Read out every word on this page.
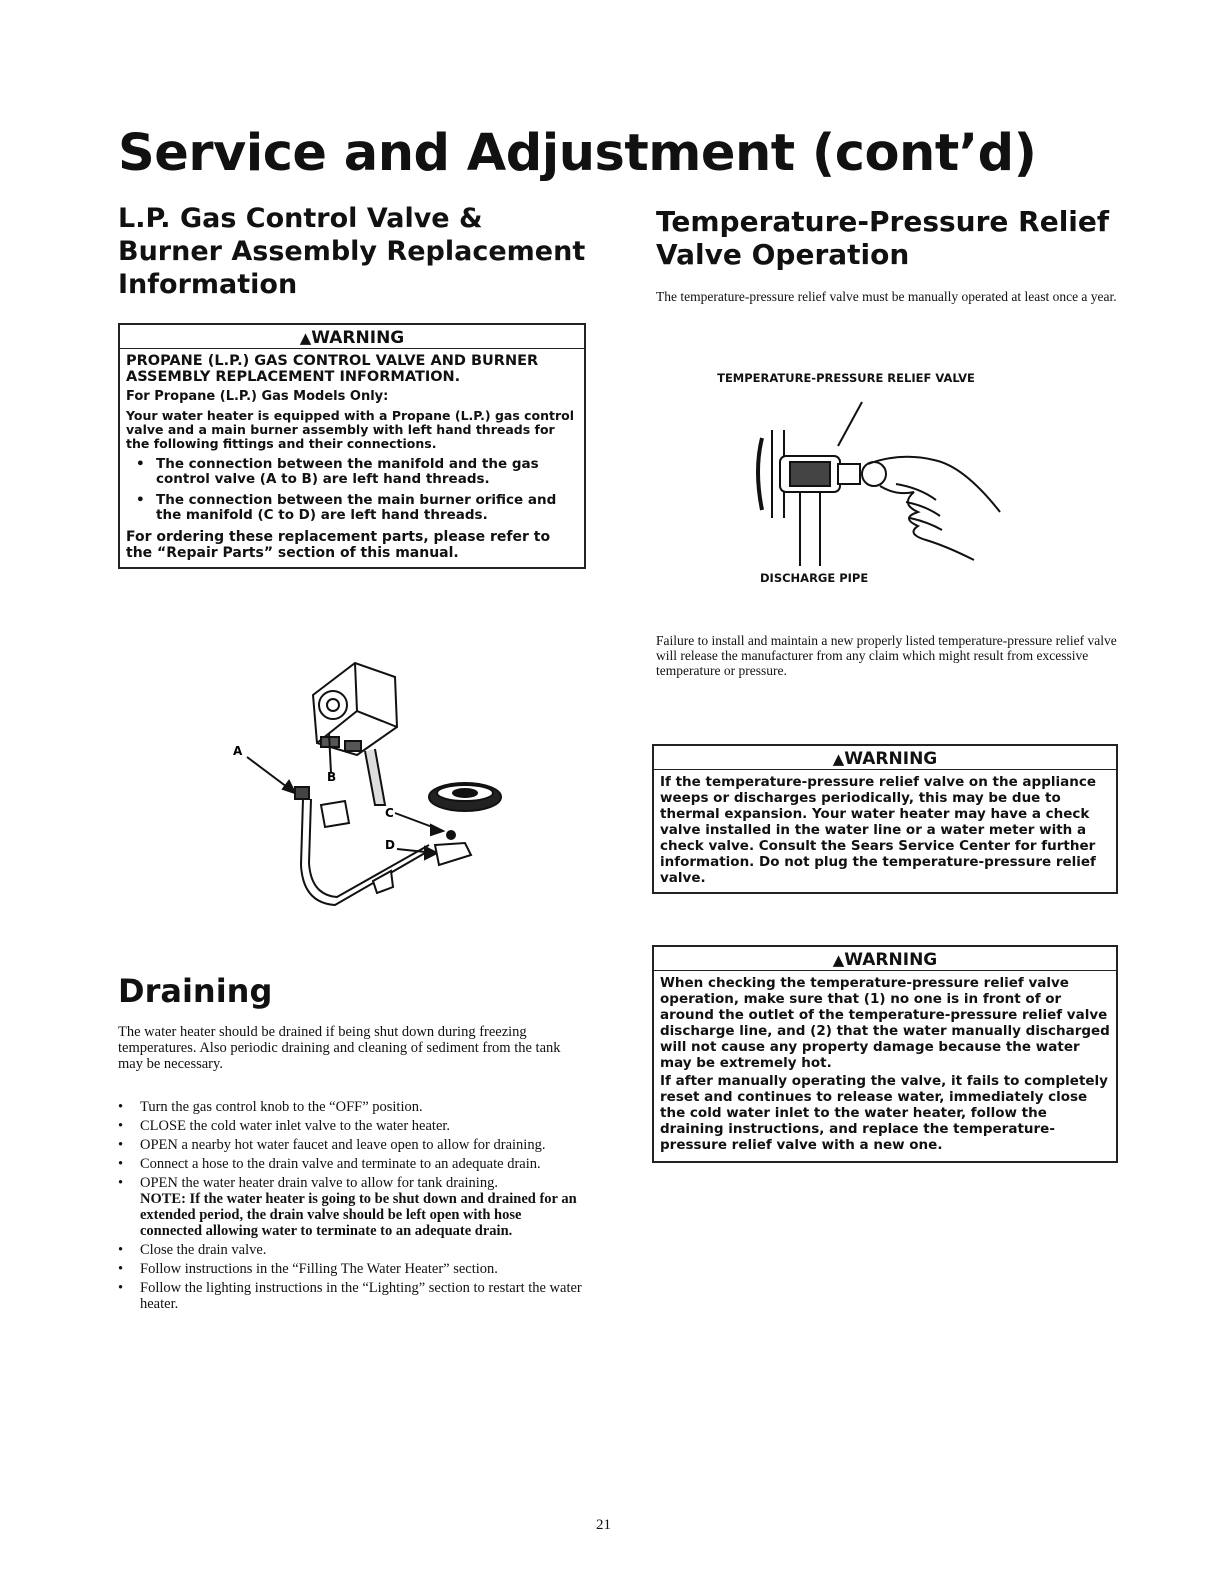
Service and Adjustment (cont’d)
L.P. Gas Control Valve & Burner Assembly Replacement Information
▲WARNING
PROPANE (L.P.) GAS CONTROL VALVE AND BURNER ASSEMBLY REPLACEMENT INFORMATION.
For Propane (L.P.) Gas Models Only:
Your water heater is equipped with a Propane (L.P.) gas control valve and a main burner assembly with left hand threads for the following fittings and their connections.
• The connection between the manifold and the gas control valve (A to B) are left hand threads.
• The connection between the main burner orifice and the manifold (C to D) are left hand threads.
For ordering these replacement parts, please refer to the “Repair Parts” section of this manual.
A
B
C
D
Draining
The water heater should be drained if being shut down during freezing temperatures. Also periodic draining and cleaning of sediment from the tank may be necessary.
• Turn the gas control knob to the “OFF” position.
• CLOSE the cold water inlet valve to the water heater.
• OPEN a nearby hot water faucet and leave open to allow for draining.
• Connect a hose to the drain valve and terminate to an adequate drain.
• OPEN the water heater drain valve to allow for tank draining.
NOTE: If the water heater is going to be shut down and drained for an extended period, the drain valve should be left open with hose connected allowing water to terminate to an adequate drain.
• Close the drain valve.
• Follow instructions in the “Filling The Water Heater” section.
• Follow the lighting instructions in the “Lighting” section to restart the water heater.
Temperature-Pressure Relief Valve Operation
The temperature-pressure relief valve must be manually operated at least once a year.
TEMPERATURE-PRESSURE RELIEF VALVE
DISCHARGE PIPE
Failure to install and maintain a new properly listed temperature-pressure relief valve will release the manufacturer from any claim which might result from excessive temperature or pressure.
▲WARNING

If the temperature-pressure relief valve on the appliance weeps or discharges periodically, this may be due to thermal expansion. Your water heater may have a check valve installed in the water line or a water meter with a check valve. Consult the Sears Service Center for further information. Do not plug the temperature-pressure relief valve.

▲WARNING

When checking the temperature-pressure relief valve operation, make sure that (1) no one is in front of or around the outlet of the temperature-pressure relief valve discharge line, and (2) that the water manually discharged will not cause any property damage because the water may be extremely hot.

If after manually operating the valve, it fails to completely reset and continues to release water, immediately close the cold water inlet to the water heater, follow the draining instructions, and replace the temperature-pressure relief valve with a new one.

21
